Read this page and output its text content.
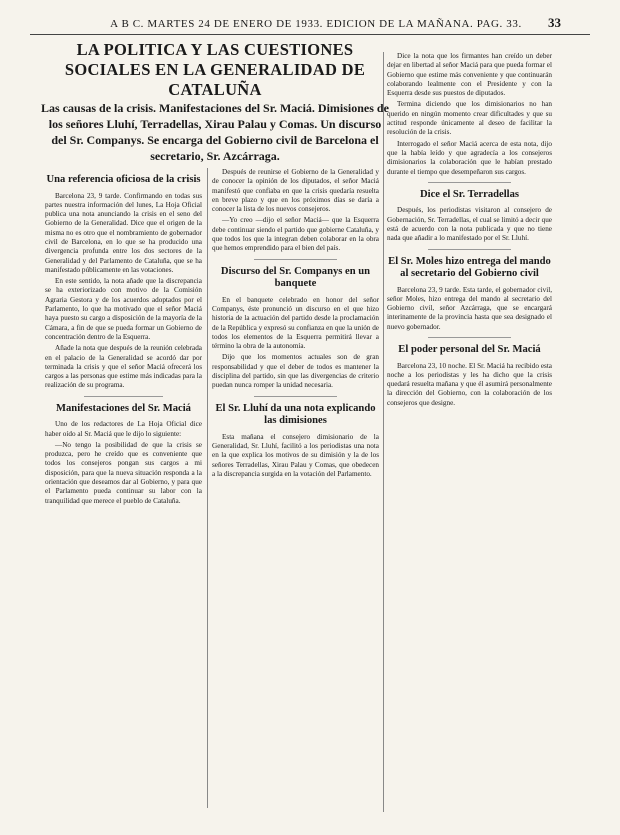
A B C. MARTES 24 DE ENERO DE 1933. EDICION DE LA MAÑANA. PAG. 33.	33
LA POLITICA Y LAS CUESTIONES SOCIALES EN LA GENERALIDAD DE CATALUÑA
Las causas de la crisis. Manifestaciones del Sr. Maciá. Dimisiones de los señores Lluhí, Terradellas, Xirau Palau y Comas. Un discurso del Sr. Companys. Se encarga del Gobierno civil de Barcelona el secretario, Sr. Azcárraga.
Una referencia oficiosa de la crisis

Barcelona 23, 9 tarde. Confirmando en todas sus partes nuestra información del lunes, La Hoja Oficial publica una nota anunciando la crisis en el seno del Gobierno de la Generalidad. Dice que el origen de la misma no es otro que el nombramiento de gobernador civil de Barcelona, en lo que se ha producido una divergencia profunda entre los dos sectores de la Generalidad y del Parlamento de Cataluña, que se ha manifestado públicamente en las votaciones.

En este sentido, la nota añade que la discrepancia se ha exteriorizado con motivo de la Comisión Agraria Gestora y de los acuerdos adoptados por el Parlamento, lo que ha motivado que el señor Maciá haya puesto su cargo a disposición de la mayoría de la Cámara, a fin de que se pueda formar un Gobierno de concentración dentro de la Esquerra.

Añade la nota que después de la reunión celebrada en el palacio de la Generalidad se acordó dar por terminada la crisis y que el señor Maciá ofrecerá los cargos a las personas que estime más indicadas para la realización de su programa.

Manifestaciones del Sr. Maciá

Uno de los redactores de La Hoja Oficial dice haber oído al Sr. Maciá que le dijo lo siguiente:

—No tengo la posibilidad de que la crisis se produzca, pero he creído que es conveniente que todos los consejeros pongan sus cargos a mi disposición, para que la nueva situación responda a la orientación que deseamos dar al Gobierno, y para que el Parlamento pueda continuar su labor con la tranquilidad que merece el pueblo de Cataluña.

Después de reunirse el Gobierno de la Generalidad y de conocer la opinión de los diputados, el señor Maciá manifestó que confiaba en que la crisis quedaría resuelta en breve plazo y que en los próximos días se daría a conocer la lista de los nuevos consejeros.

—Yo creo —dijo el señor Maciá— que la Esquerra debe continuar siendo el partido que gobierne Cataluña, y que todos los que la integran deben colaborar en la obra que hemos emprendido para el bien del país.

Discurso del Sr. Companys en un banquete

En el banquete celebrado en honor del señor Companys, éste pronunció un discurso en el que hizo historia de la actuación del partido desde la proclamación de la República y expresó su confianza en que la unión de todos los elementos de la Esquerra permitirá llevar a término la obra de la autonomía.

Dijo que los momentos actuales son de gran responsabilidad y que el deber de todos es mantener la disciplina del partido, sin que las divergencias de criterio puedan nunca romper la unidad necesaria.

El Sr. Lluhí da una nota explicando las dimisiones

Esta mañana el consejero dimisionario de la Generalidad, Sr. Lluhí, facilitó a los periodistas una nota en la que explica los motivos de su dimisión y la de los señores Terradellas, Xirau Palau y Comas, que obedecen a la discrepancia surgida en la votación del Parlamento.

Dice la nota que los firmantes han creído un deber dejar en libertad al señor Maciá para que pueda formar el Gobierno que estime más conveniente y que continuarán colaborando lealmente con el Presidente y con la Esquerra desde sus puestos de diputados.

Termina diciendo que los dimisionarios no han querido en ningún momento crear dificultades y que su actitud responde únicamente al deseo de facilitar la resolución de la crisis.

Interrogado el señor Maciá acerca de esta nota, dijo que la había leído y que agradecía a los consejeros dimisionarios la colaboración que le habían prestado durante el tiempo que desempeñaron sus cargos.

Dice el Sr. Terradellas

Después, los periodistas visitaron al consejero de Gobernación, Sr. Terradellas, el cual se limitó a decir que está de acuerdo con la nota publicada y que no tiene nada que añadir a lo manifestado por el Sr. Lluhí.

El Sr. Moles hizo entrega del mando al secretario del Gobierno civil

Barcelona 23, 9 tarde. Esta tarde, el gobernador civil, señor Moles, hizo entrega del mando al secretario del Gobierno civil, señor Azcárraga, que se encargará interinamente de la provincia hasta que sea designado el nuevo gobernador.

El poder personal del Sr. Maciá

Barcelona 23, 10 noche. El Sr. Maciá ha recibido esta noche a los periodistas y les ha dicho que la crisis quedará resuelta mañana y que él asumirá personalmente la dirección del Gobierno, con la colaboración de los consejeros que designe.
